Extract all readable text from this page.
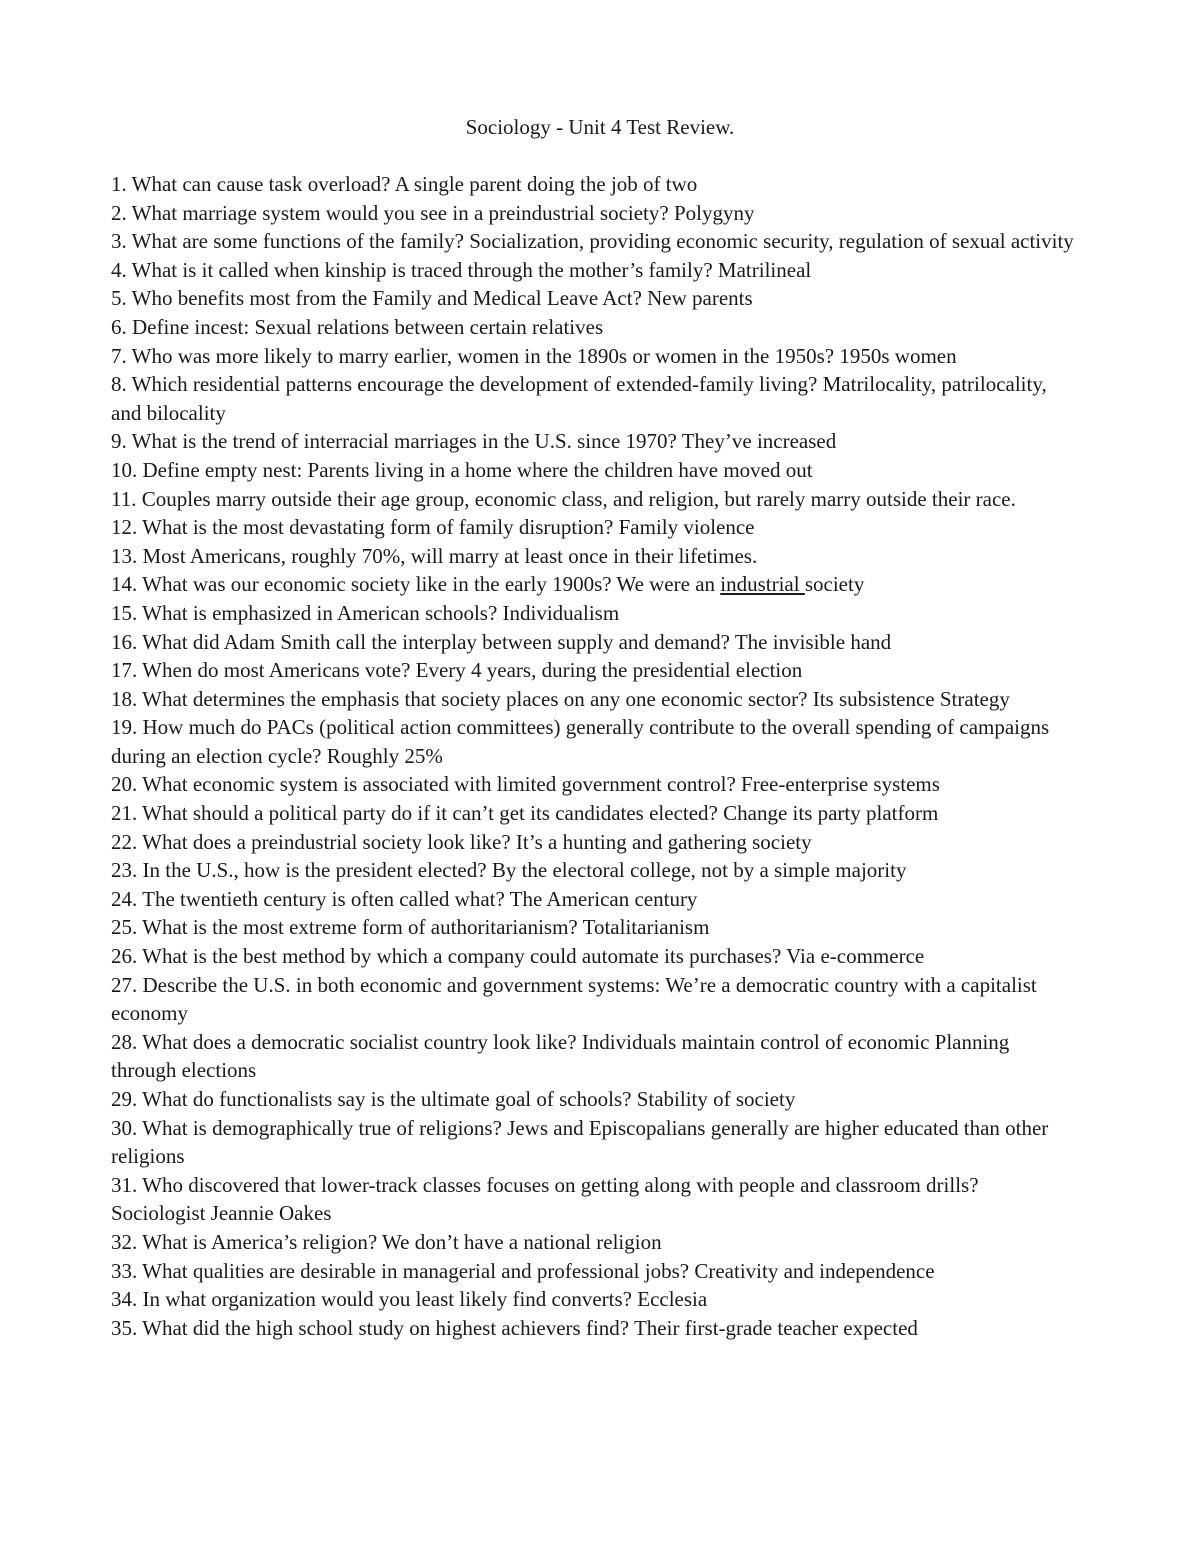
Sociology - Unit 4 Test Review.

1. What can cause task overload? A single parent doing the job of two

2. What marriage system would you see in a preindustrial society? Polygyny

3. What are some functions of the family? Socialization, providing economic security, regulation of sexual activity

4. What is it called when kinship is traced through the mother’s family? Matrilineal

5. Who benefits most from the Family and Medical Leave Act? New parents

6. Define incest: Sexual relations between certain relatives

7. Who was more likely to marry earlier, women in the 1890s or women in the 1950s? 1950s women

8. Which residential patterns encourage the development of extended-family living? Matrilocality, patrilocality, and bilocality

9. What is the trend of interracial marriages in the U.S. since 1970? They’ve increased

10. Define empty nest: Parents living in a home where the children have moved out

11. Couples marry outside their age group, economic class, and religion, but rarely marry outside their race.

12. What is the most devastating form of family disruption? Family violence

13. Most Americans, roughly 70%, will marry at least once in their lifetimes.

14. What was our economic society like in the early 1900s? We were an industrial society

15. What is emphasized in American schools? Individualism

16. What did Adam Smith call the interplay between supply and demand? The invisible hand

17. When do most Americans vote? Every 4 years, during the presidential election

18. What determines the emphasis that society places on any one economic sector? Its subsistence Strategy

19. How much do PACs (political action committees) generally contribute to the overall spending of campaigns during an election cycle? Roughly 25%

20. What economic system is associated with limited government control? Free-enterprise systems

21. What should a political party do if it can’t get its candidates elected? Change its party platform

22. What does a preindustrial society look like? It’s a hunting and gathering society

23. In the U.S., how is the president elected? By the electoral college, not by a simple majority

24. The twentieth century is often called what? The American century

25. What is the most extreme form of authoritarianism? Totalitarianism

26. What is the best method by which a company could automate its purchases? Via e-commerce

27. Describe the U.S. in both economic and government systems: We’re a democratic country with a capitalist economy

28. What does a democratic socialist country look like? Individuals maintain control of economic Planning through elections

29. What do functionalists say is the ultimate goal of schools? Stability of society

30. What is demographically true of religions? Jews and Episcopalians generally are higher educated than other religions

31. Who discovered that lower-track classes focuses on getting along with people and classroom drills? Sociologist Jeannie Oakes

32. What is America’s religion? We don’t have a national religion

33. What qualities are desirable in managerial and professional jobs? Creativity and independence

34. In what organization would you least likely find converts? Ecclesia

35. What did the high school study on highest achievers find? Their first-grade teacher expected
